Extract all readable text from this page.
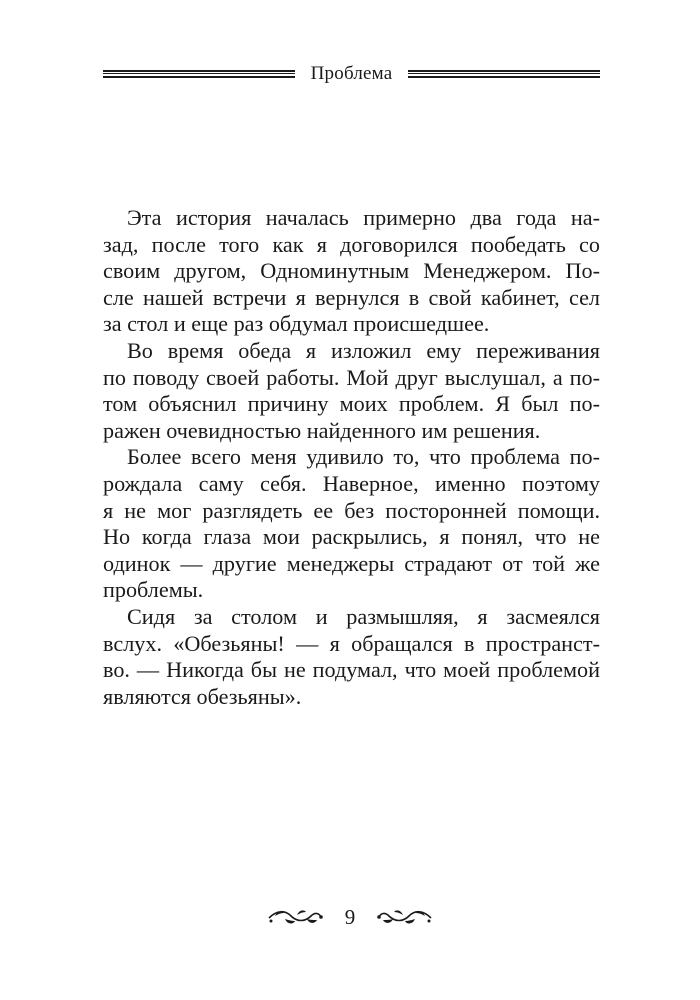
Проблема

Эта история началась примерно два года на-
зад, после того как я договорился пообедать со
своим другом, Одноминутным Менеджером. По-
сле нашей встречи я вернулся в свой кабинет, сел
за стол и еще раз обдумал происшедшее.

Во время обеда я изложил ему переживания
по поводу своей работы. Мой друг выслушал, а по-
том объяснил причину моих проблем. Я был по-
ражен очевидностью найденного им решения.

Более всего меня удивило то, что проблема по-
рождала саму себя. Наверное, именно поэтому
я не мог разглядеть ее без посторонней помощи.
Но когда глаза мои раскрылись, я понял, что не
одинок — другие менеджеры страдают от той же
проблемы.

Сидя за столом и размышляя, я засмеялся
вслух. «Обезьяны! — я обращался в пространст-
во. — Никогда бы не подумал, что моей проблемой
являются обезьяны».

9
